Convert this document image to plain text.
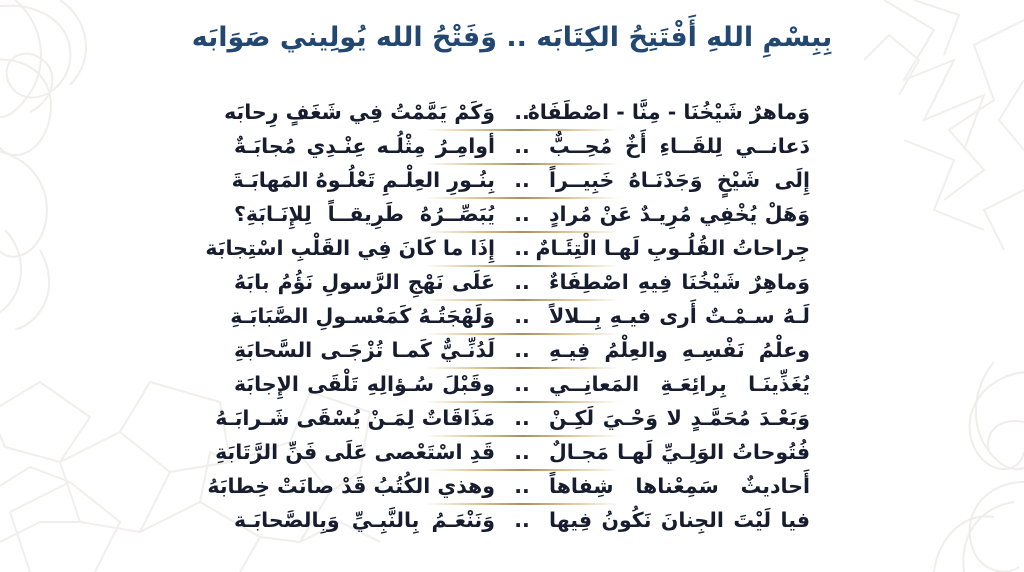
بِبِسْمِ اللهِ أَفْتَتِحُ الكِتَابَه .. وَفَتْحُ الله يُولِيني صَوَابَه
وَماهرٌ شَيْخُنَا - مِنَّا - اصْطَفَاهُ
..
وَكَمْ يَمَّمْتُ فِي شَغَفٍ رِحابَه
دَعانــي لِلقَــاءِ أَخٌ مُحِــبٌّ
..
أوامِـرُ مِثْلُـه عِنْـدِي مُجابَـةٌ
إِلَى شَيْخٍ وَجَدْنَـاهُ خَبِيــراً
..
بِنُـورِ العِلْـمِ تَعْلُـوهُ المَهابَـةَ
وَهَلْ يُخْفِي مُرِيـدٌ عَنْ مُرادٍ
..
يُبَصِّــرُهُ طَرِيقــاً لِلإِنَـابَةِ؟
جِراحاتُ القُلُـوبِ لَهـا الْتِئَـامٌ
..
إِذَا ما كَانَ فِي القَلْبِ اسْتِجابَة
وَماهِرٌ شَيْخُنَا فِيهِ اصْطِفَاءٌ
..
عَلَى نَهْجِ الرَّسولِ نَؤُمُ بابَهُ
لَـهُ سـمْـتٌ أَرى فيـهِ بِــلالاً
..
وَلَهْجَتُـهُ كَمَعْسـولِ الصَّبَابَـةِ
وعلْمُ نَفْسِـهِ والعِلْمُ فِيـهِ
..
لَدُنِّـيٌّ كَمـا تُزْجَـى السَّحابَةِ
يُغَذِّينَـا بِرائِعَـةِ المَعانِــي
..
وقَبْلَ سُـؤالِهِ تَلْقَى الإِجابَة
وَبَعْـدَ مُحَمَّـدٍ لا وَحْـيَ لَكِـنْ
..
مَذَاقَاتٌ لِمَـنْ يُسْقَى شَـرابَـهُ
فُتُوحاتُ الوَلِـيِّ لَهـا مَجـالٌ
..
قَدِ اسْتَعْصى عَلَى فَنِّ الرَّتَابَةِ
أَحاديثٌ سَمِعْناها شِفاهاً
..
وهذي الكُتُبُ قَدْ صانَتْ خِطابَهُ
فيا لَيْتَ الجِنانَ نَكُونُ فِيها
..
وَنَنْعَـمُ بِالنَّبِـيِّ وَبِالصَّحابَـة
